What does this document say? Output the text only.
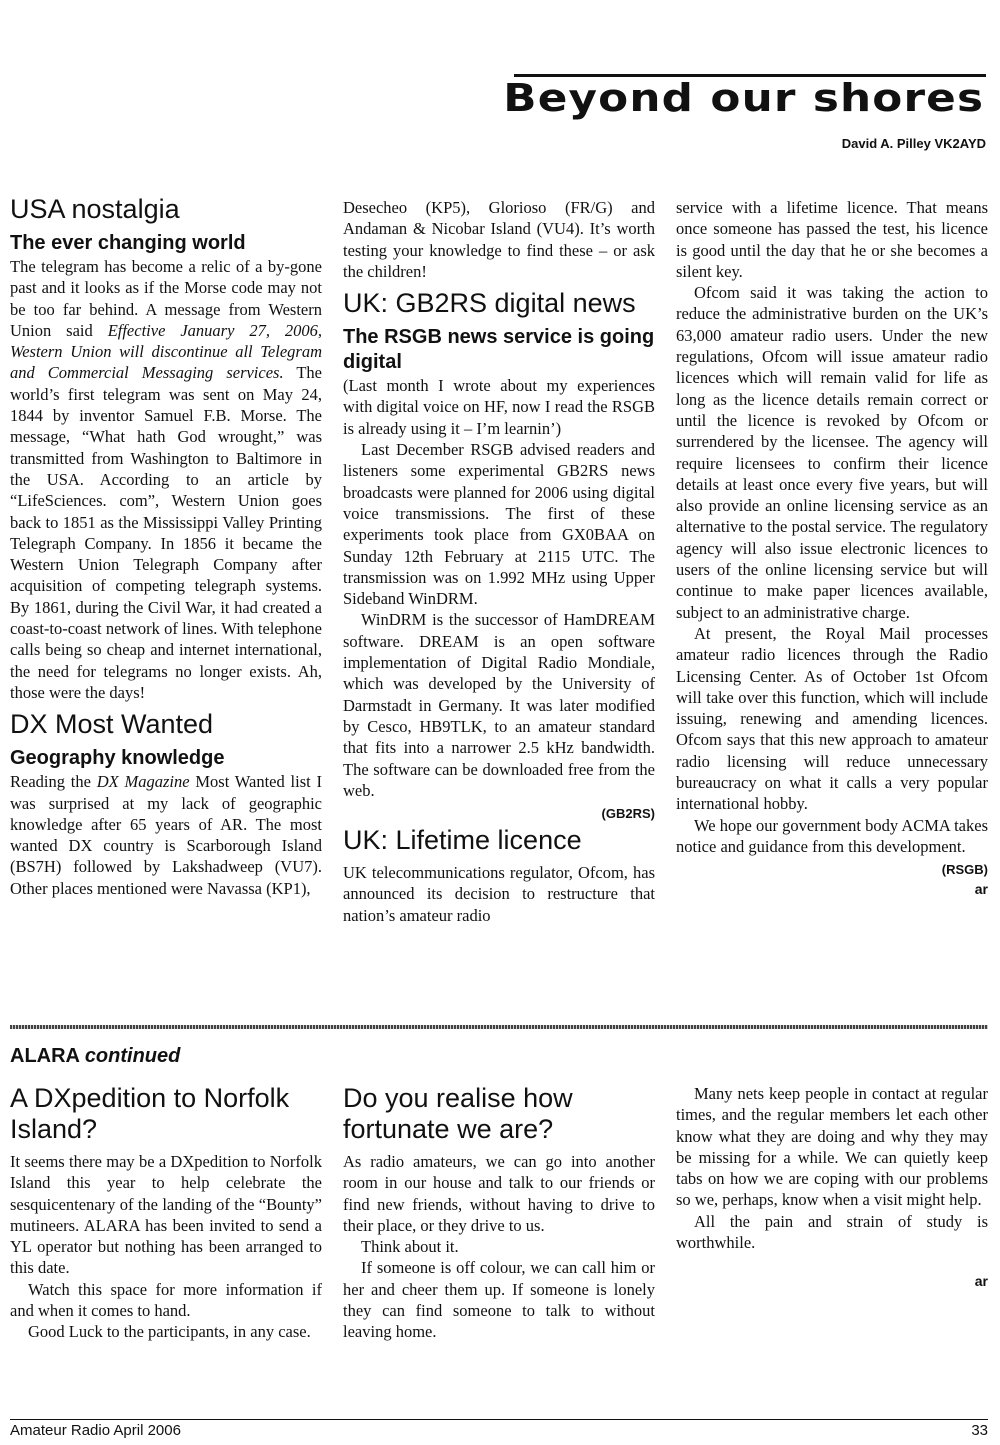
Beyond our shores
David A. Pilley VK2AYD
USA nostalgia
The ever changing world

The telegram has become a relic of a by-gone past and it looks as if the Morse code may not be too far behind. A message from Western Union said Effective January 27, 2006, Western Union will discontinue all Telegram and Commercial Messaging services. The world’s first telegram was sent on May 24, 1844 by inventor Samuel F.B. Morse. The message, “What hath God wrought,” was transmitted from Washington to Baltimore in the USA. According to an article by “LifeSciences. com”, Western Union goes back to 1851 as the Mississippi Valley Printing Telegraph Company. In 1856 it became the Western Union Telegraph Company after acquisition of competing telegraph systems. By 1861, during the Civil War, it had created a coast-to-coast network of lines. With telephone calls being so cheap and internet international, the need for telegrams no longer exists. Ah, those were the days!

DX Most Wanted
Geography knowledge

Reading the DX Magazine Most Wanted list I was surprised at my lack of geographic knowledge after 65 years of AR. The most wanted DX country is Scarborough Island (BS7H) followed by Lakshadweep (VU7). Other places mentioned were Navassa (KP1),

Desecheo (KP5), Glorioso (FR/G) and Andaman & Nicobar Island (VU4). It’s worth testing your knowledge to find these – or ask the children!

UK: GB2RS digital news
The RSGB news service is going digital

(Last month I wrote about my experiences with digital voice on HF, now I read the RSGB is already using it – I’m learnin’)

Last December RSGB advised readers and listeners some experimental GB2RS news broadcasts were planned for 2006 using digital voice transmissions. The first of these experiments took place from GX0BAA on Sunday 12th February at 2115 UTC. The transmission was on 1.992 MHz using Upper Sideband WinDRM.

WinDRM is the successor of HamDREAM software. DREAM is an open software implementation of Digital Radio Mondiale, which was developed by the University of Darmstadt in Germany. It was later modified by Cesco, HB9TLK, to an amateur standard that fits into a narrower 2.5 kHz bandwidth. The software can be downloaded free from the web.

(GB2RS)
UK: Lifetime licence

UK telecommunications regulator, Ofcom, has announced its decision to restructure that nation’s amateur radio

service with a lifetime licence. That means once someone has passed the test, his licence is good until the day that he or she becomes a silent key.

Ofcom said it was taking the action to reduce the administrative burden on the UK’s 63,000 amateur radio users. Under the new regulations, Ofcom will issue amateur radio licences which will remain valid for life as long as the licence details remain correct or until the licence is revoked by Ofcom or surrendered by the licensee. The agency will require licensees to confirm their licence details at least once every five years, but will also provide an online licensing service as an alternative to the postal service. The regulatory agency will also issue electronic licences to users of the online licensing service but will continue to make paper licences available, subject to an administrative charge.

At present, the Royal Mail processes amateur radio licences through the Radio Licensing Center. As of October 1st Ofcom will take over this function, which will include issuing, renewing and amending licences. Ofcom says that this new approach to amateur radio licensing will reduce unnecessary bureaucracy on what it calls a very popular international hobby.

We hope our government body ACMA takes notice and guidance from this development.

(RSGB)
ar
ALARA continued
A DXpedition to Norfolk Island?

It seems there may be a DXpedition to Norfolk Island this year to help celebrate the sesquicentenary of the landing of the “Bounty” mutineers. ALARA has been invited to send a YL operator but nothing has been arranged to this date.

Watch this space for more information if and when it comes to hand.

Good Luck to the participants, in any case.

Do you realise how fortunate we are?

As radio amateurs, we can go into another room in our house and talk to our friends or find new friends, without having to drive to their place, or they drive to us.

Think about it.

If someone is off colour, we can call him or her and cheer them up. If someone is lonely they can find someone to talk to without leaving home.

Many nets keep people in contact at regular times, and the regular members let each other know what they are doing and why they may be missing for a while. We can quietly keep tabs on how we are coping with our problems so we, perhaps, know when a visit might help.

All the pain and strain of study is worthwhile.

ar
Amateur Radio April 2006	33
